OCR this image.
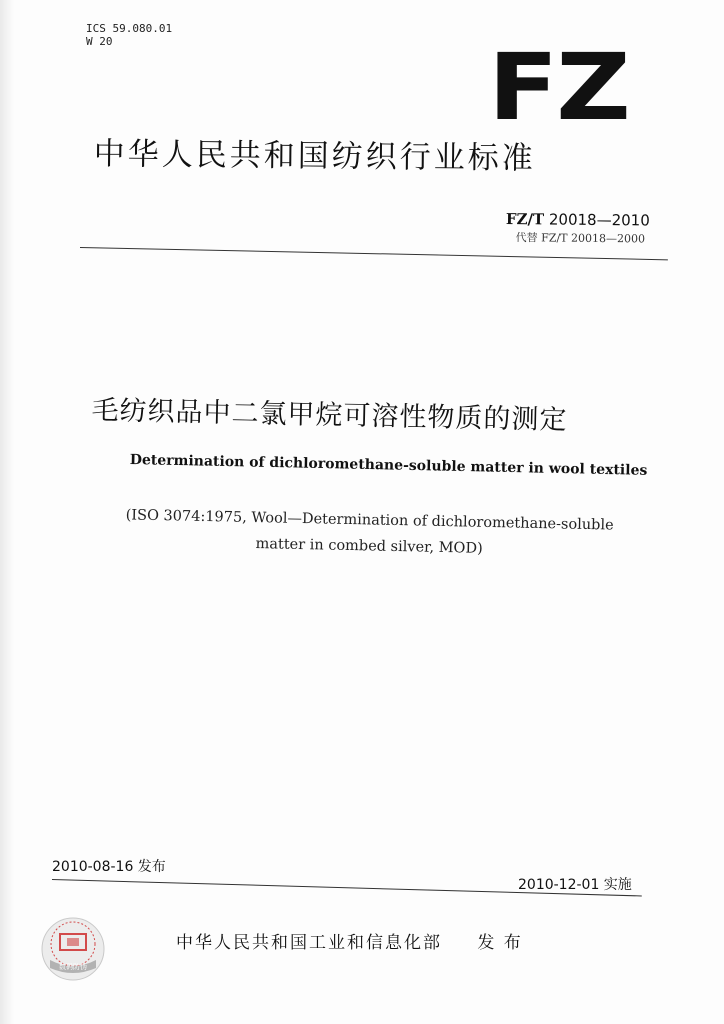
ICS 59.080.01
W 20	FZ
中华人民共和国纺织行业标准
FZ/T 20018—2010
代替 FZ/T 20018—2000
毛纺织品中二氯甲烷可溶性物质的测定
Determination of dichloromethane-soluble matter in wool textiles
(ISO 3074:1975, Wool—Determination of dichloromethane-soluble
matter in combed silver, MOD)
2010-08-16 发布
2010-12-01 实施
数码防伪
中华人民共和国工业和信息化部 发 布
